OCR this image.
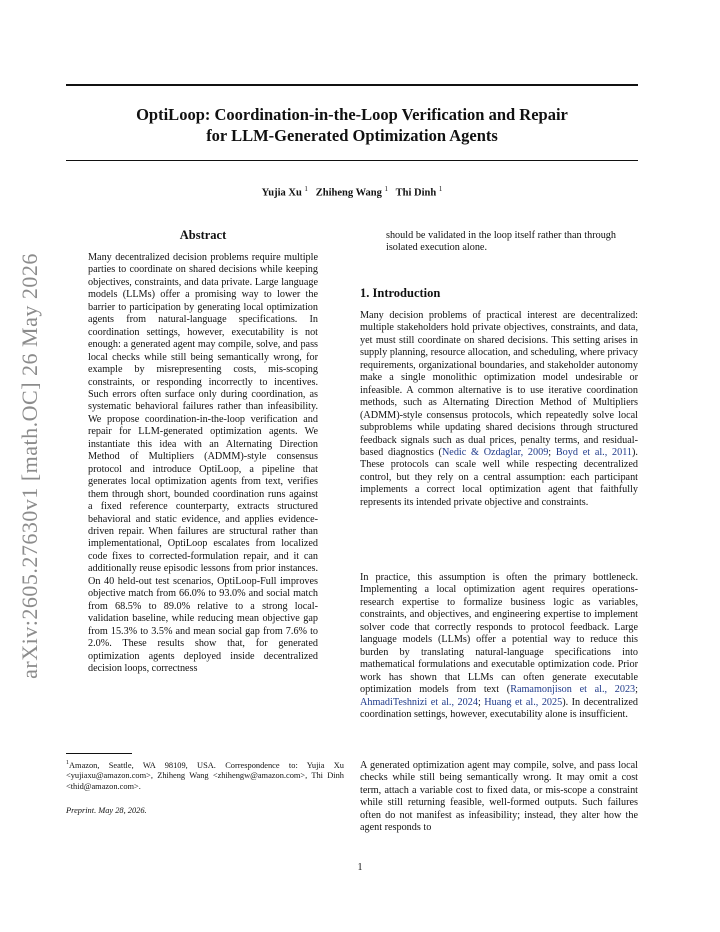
OptiLoop: Coordination-in-the-Loop Verification and Repair
for LLM-Generated Optimization Agents
Yujia Xu $^1$ Zhiheng Wang $^1$ Thi Dinh $^1$
arXiv:2605.27630v1 [math.OC] 26 May 2026
Abstract
Many decentralized decision problems require multiple parties to coordinate on shared decisions while keeping objectives, constraints, and data private. Large language models (LLMs) offer a promising way to lower the barrier to participation by generating local optimization agents from natural-language specifications. In coordination settings, however, executability is not enough: a generated agent may compile, solve, and pass local checks while still being semantically wrong, for example by misrepresenting costs, mis-scoping constraints, or responding incorrectly to incentives. Such errors often surface only during coordination, as systematic behavioral failures rather than infeasibility. We propose coordination-in-the-loop verification and repair for LLM-generated optimization agents. We instantiate this idea with an Alternating Direction Method of Multipliers (ADMM)-style consensus protocol and introduce OptiLoop, a pipeline that generates local optimization agents from text, verifies them through short, bounded coordination runs against a fixed reference counterparty, extracts structured behavioral and static evidence, and applies evidence-driven repair. When failures are structural rather than implementational, OptiLoop escalates from localized code fixes to corrected-formulation repair, and it can additionally reuse episodic lessons from prior instances. On 40 held-out test scenarios, OptiLoop-Full improves objective match from 66.0% to 93.0% and social match from 68.5% to 89.0% relative to a strong local-validation baseline, while reducing mean objective gap from 15.3% to 3.5% and mean social gap from 7.6% to 2.0%. These results show that, for generated optimization agents deployed inside decentralized decision loops, correctness
$^1$Amazon, Seattle, WA 98109, USA. Correspondence to: Yujia Xu <yujiaxu@amazon.com>, Zhiheng Wang <zhihengw@amazon.com>, Thi Dinh <thid@amazon.com>.
Preprint. May 28, 2026.
should be validated in the loop itself rather than through isolated execution alone.
1. Introduction
Many decision problems of practical interest are decentralized: multiple stakeholders hold private objectives, constraints, and data, yet must still coordinate on shared decisions. This setting arises in supply planning, resource allocation, and scheduling, where privacy requirements, organizational boundaries, and stakeholder autonomy make a single monolithic optimization model undesirable or infeasible. A common alternative is to use iterative coordination methods, such as Alternating Direction Method of Multipliers (ADMM)-style consensus protocols, which repeatedly solve local subproblems while updating shared decisions through structured feedback signals such as dual prices, penalty terms, and residual-based diagnostics (Nedic & Ozdaglar, 2009; Boyd et al., 2011). These protocols can scale well while respecting decentralized control, but they rely on a central assumption: each participant implements a correct local optimization agent that faithfully represents its intended private objective and constraints.
In practice, this assumption is often the primary bottleneck. Implementing a local optimization agent requires operations-research expertise to formalize business logic as variables, constraints, and objectives, and engineering expertise to implement solver code that correctly responds to protocol feedback. Large language models (LLMs) offer a potential way to reduce this burden by translating natural-language specifications into mathematical formulations and executable optimization code. Prior work has shown that LLMs can often generate executable optimization models from text (Ramamonjison et al., 2023; AhmadiTeshnizi et al., 2024; Huang et al., 2025). In decentralized coordination settings, however, executability alone is insufficient.
A generated optimization agent may compile, solve, and pass local checks while still being semantically wrong. It may omit a cost term, attach a variable cost to fixed data, or mis-scope a constraint while still returning feasible, well-formed outputs. Such failures often do not manifest as infeasibility; instead, they alter how the agent responds to
1
